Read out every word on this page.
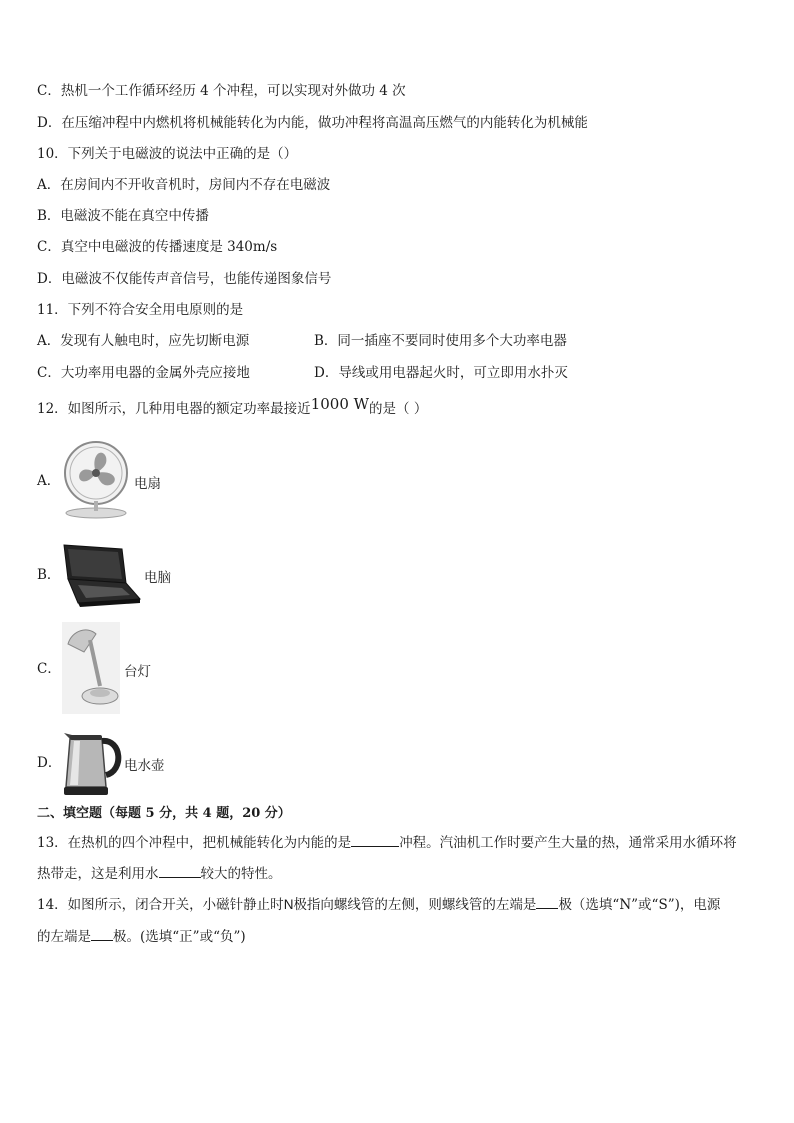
C．热机一个工作循环经历 4 个冲程，可以实现对外做功 4 次
D．在压缩冲程中内燃机将机械能转化为内能，做功冲程将高温高压燃气的内能转化为机械能
10．下列关于电磁波的说法中正确的是（）
A．在房间内不开收音机时，房间内不存在电磁波
B．电磁波不能在真空中传播
C．真空中电磁波的传播速度是 340m/s
D．电磁波不仅能传声音信号，也能传递图象信号
11．下列不符合安全用电原则的是
A．发现有人触电时，应先切断电源	B．同一插座不要同时使用多个大功率电器
C．大功率用电器的金属外壳应接地	D．导线或用电器起火时，可立即用水扑灭
12．如图所示，几种用电器的额定功率最接近1000 W的是（ ）
A．	电扇
B．	电脑
C．	台灯
D．	电水壶
二、填空题（每题 5 分，共 4 题，20 分）
13．在热机的四个冲程中，把机械能转化为内能的是	冲程。汽油机工作时要产生大量的热，通常采用水循环将
热带走，这是利用水	较大的特性。
14．如图所示，闭合开关，小磁针静止时N极指向螺线管的左侧，则螺线管的左端是 极（选填“N”或“S”)，电源
的左端是 极。(选填“正”或“负”)
